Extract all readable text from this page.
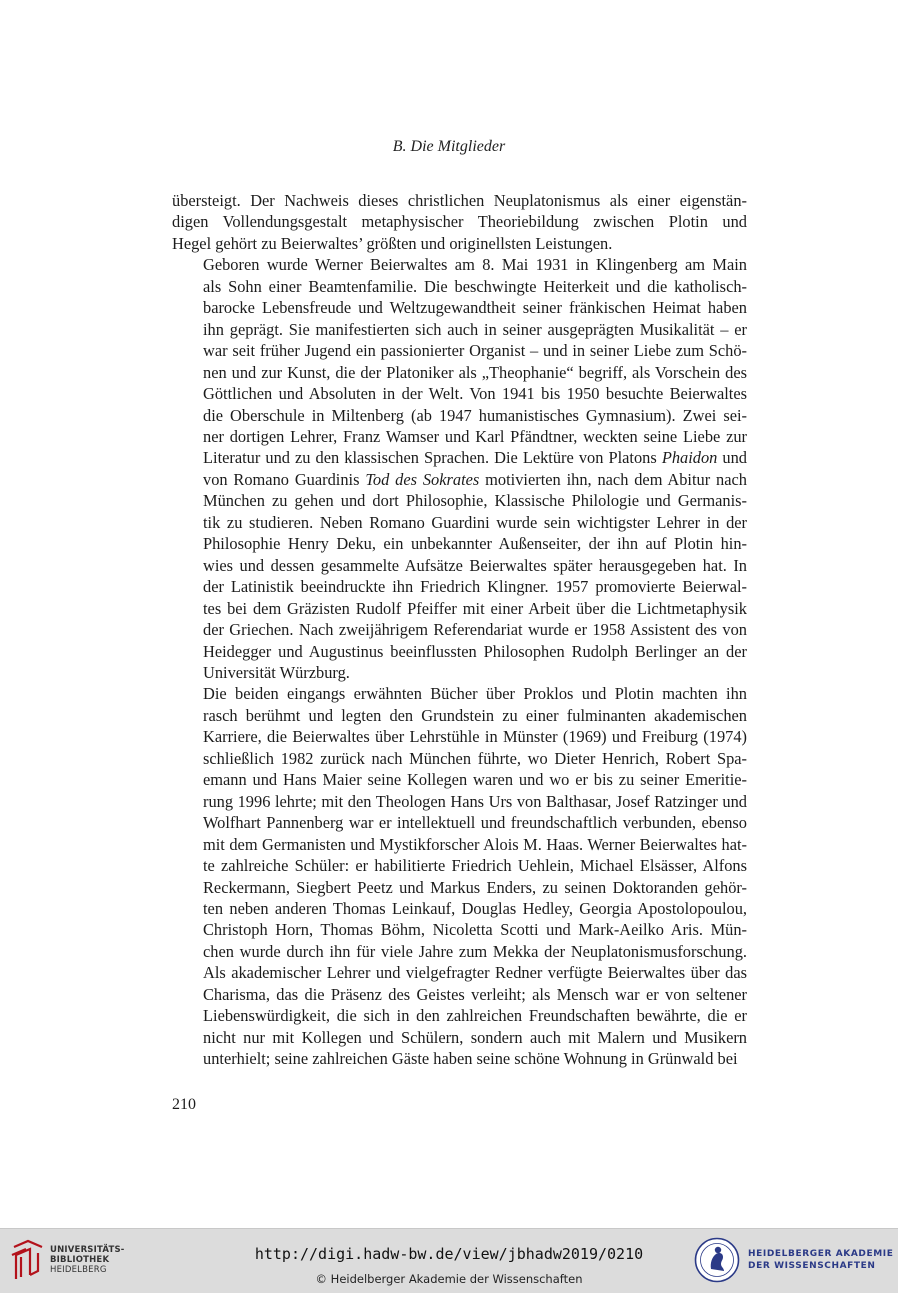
B. Die Mitglieder

übersteigt. Der Nachweis dieses christlichen Neuplatonismus als einer eigenstän-
digen Vollendungsgestalt metaphysischer Theoriebildung zwischen Plotin und
Hegel gehört zu Beierwaltes’ größten und originellsten Leistungen.

Geboren wurde Werner Beierwaltes am 8. Mai 1931 in Klingenberg am Main
als Sohn einer Beamtenfamilie. Die beschwingte Heiterkeit und die katholisch-
barocke Lebensfreude und Weltzugewandtheit seiner fränkischen Heimat haben
ihn geprägt. Sie manifestierten sich auch in seiner ausgeprägten Musikalität – er
war seit früher Jugend ein passionierter Organist – und in seiner Liebe zum Schö-
nen und zur Kunst, die der Platoniker als „Theophanie“ begriff, als Vorschein des
Göttlichen und Absoluten in der Welt. Von 1941 bis 1950 besuchte Beierwaltes
die Oberschule in Miltenberg (ab 1947 humanistisches Gymnasium). Zwei sei-
ner dortigen Lehrer, Franz Wamser und Karl Pfändtner, weckten seine Liebe zur
Literatur und zu den klassischen Sprachen. Die Lektüre von Platons Phaidon und
von Romano Guardinis Tod des Sokrates motivierten ihn, nach dem Abitur nach
München zu gehen und dort Philosophie, Klassische Philologie und Germanis-
tik zu studieren. Neben Romano Guardini wurde sein wichtigster Lehrer in der
Philosophie Henry Deku, ein unbekannter Außenseiter, der ihn auf Plotin hin-
wies und dessen gesammelte Aufsätze Beierwaltes später herausgegeben hat. In
der Latinistik beeindruckte ihn Friedrich Klingner. 1957 promovierte Beierwal-
tes bei dem Gräzisten Rudolf Pfeiffer mit einer Arbeit über die Lichtmetaphysik
der Griechen. Nach zweijährigem Referendariat wurde er 1958 Assistent des von
Heidegger und Augustinus beeinflussten Philosophen Rudolph Berlinger an der
Universität Würzburg.

Die beiden eingangs erwähnten Bücher über Proklos und Plotin machten ihn
rasch berühmt und legten den Grundstein zu einer fulminanten akademischen
Karriere, die Beierwaltes über Lehrstühle in Münster (1969) und Freiburg (1974)
schließlich 1982 zurück nach München führte, wo Dieter Henrich, Robert Spa-
emann und Hans Maier seine Kollegen waren und wo er bis zu seiner Emeritie-
rung 1996 lehrte; mit den Theologen Hans Urs von Balthasar, Josef Ratzinger und
Wolfhart Pannenberg war er intellektuell und freundschaftlich verbunden, ebenso
mit dem Germanisten und Mystikforscher Alois M. Haas. Werner Beierwaltes hat-
te zahlreiche Schüler: er habilitierte Friedrich Uehlein, Michael Elsässer, Alfons
Reckermann, Siegbert Peetz und Markus Enders, zu seinen Doktoranden gehör-
ten neben anderen Thomas Leinkauf, Douglas Hedley, Georgia Apostolopoulou,
Christoph Horn, Thomas Böhm, Nicoletta Scotti und Mark-Aeilko Aris. Mün-
chen wurde durch ihn für viele Jahre zum Mekka der Neuplatonismusforschung.
Als akademischer Lehrer und vielgefragter Redner verfügte Beierwaltes über das
Charisma, das die Präsenz des Geistes verleiht; als Mensch war er von seltener
Liebenswürdigkeit, die sich in den zahlreichen Freundschaften bewährte, die er
nicht nur mit Kollegen und Schülern, sondern auch mit Malern und Musikern
unterhielt; seine zahlreichen Gäste haben seine schöne Wohnung in Grünwald bei

210
UNIVERSITÄTS-
BIBLIOTHEK
HEIDELBERG
http://digi.hadw-bw.de/view/jbhadw2019/0210
© Heidelberger Akademie der Wissenschaften
HEIDELBERGER AKADEMIE
DER WISSENSCHAFTEN
